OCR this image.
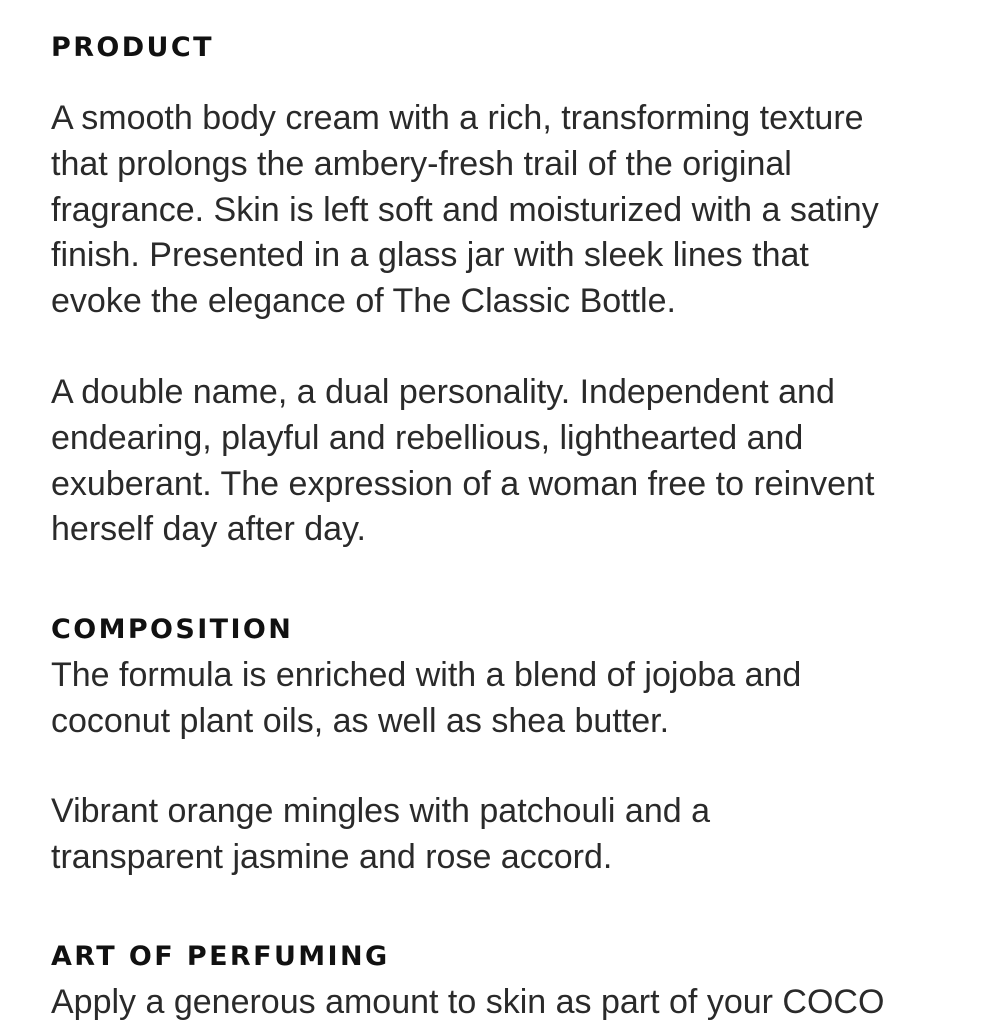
PRODUCT

A smooth body cream with a rich, transforming texture
that prolongs the ambery-fresh trail of the original
fragrance. Skin is left soft and moisturized with a satiny
finish. Presented in a glass jar with sleek lines that
evoke the elegance of The Classic Bottle.

A double name, a dual personality. Independent and
endearing, playful and rebellious, lighthearted and
exuberant. The expression of a woman free to reinvent
herself day after day.

COMPOSITION

The formula is enriched with a blend of jojoba and
coconut plant oils, as well as shea butter.

Vibrant orange mingles with patchouli and a
transparent jasmine and rose accord.

ART OF PERFUMING

Apply a generous amount to skin as part of your COCO
